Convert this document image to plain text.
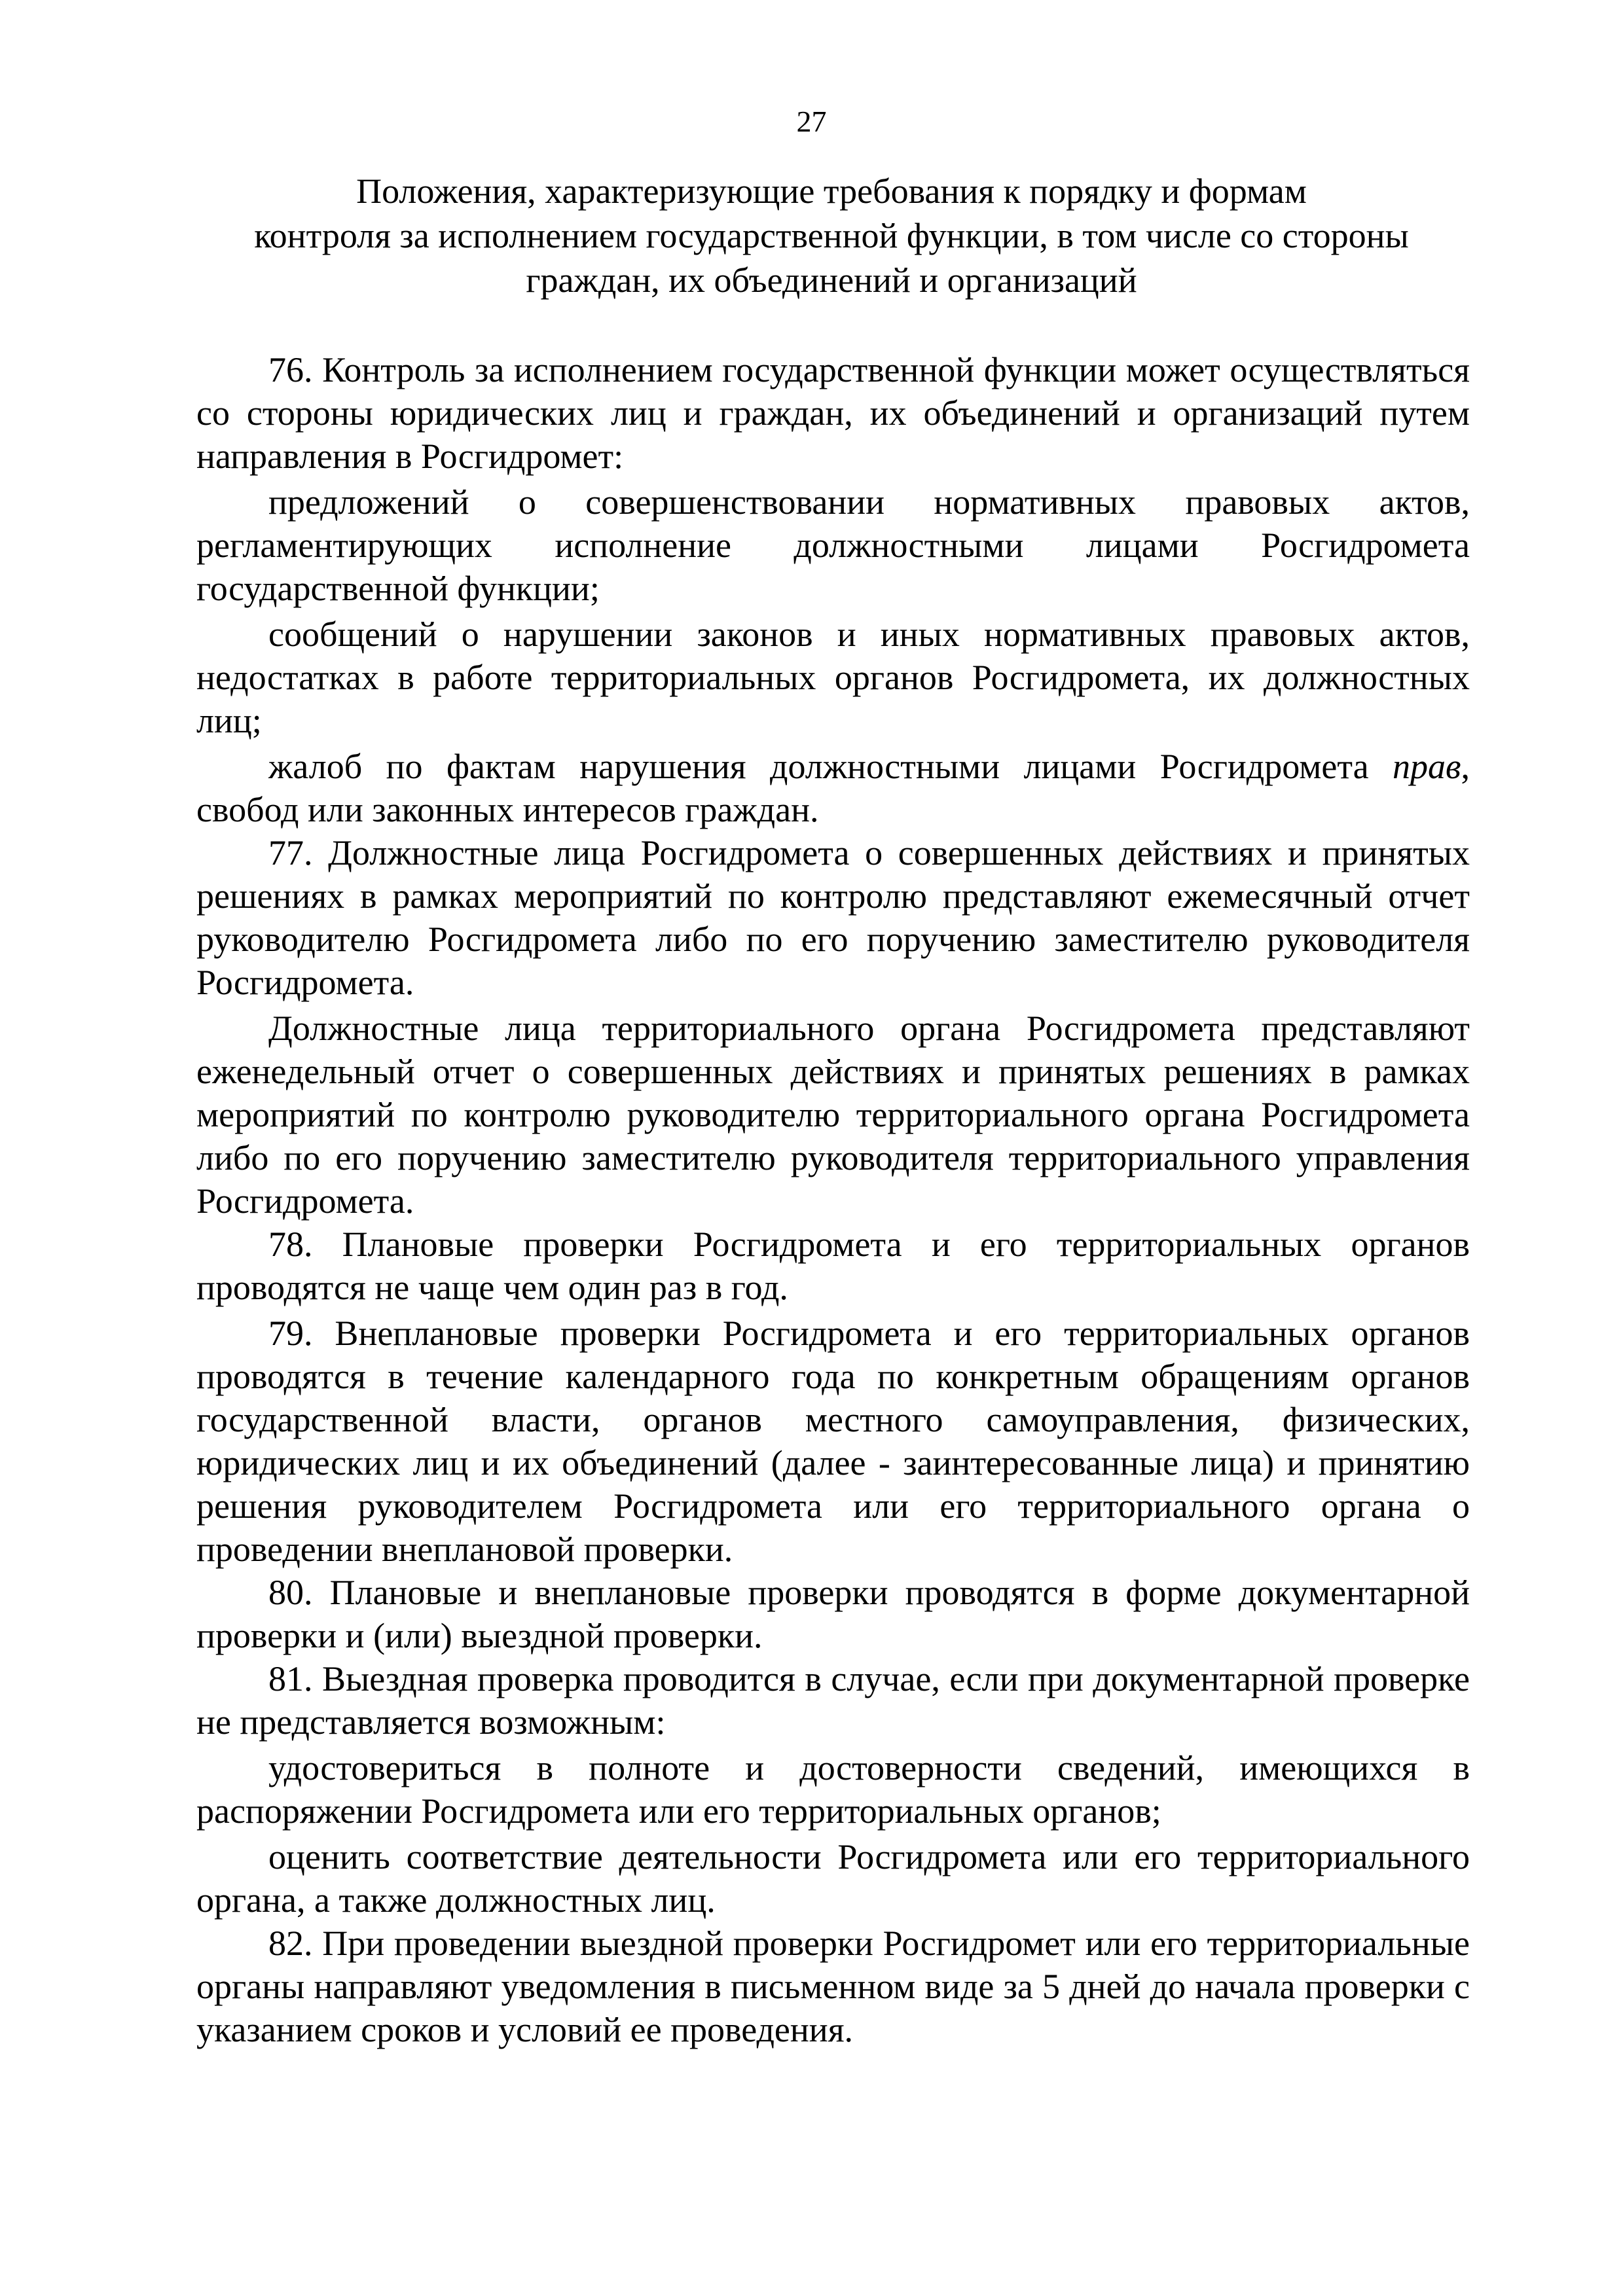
27
Положения, характеризующие требования к порядку и формам
контроля за исполнением государственной функции, в том числе со стороны
граждан, их объединений и организаций

76. Контроль за исполнением государственной функции может осуществляться со стороны юридических лиц и граждан, их объединений и организаций путем направления в Росгидромет:

предложений о совершенствовании нормативных правовых актов, регламентирующих исполнение должностными лицами Росгидромета государственной функции;

сообщений о нарушении законов и иных нормативных правовых актов, недостатках в работе территориальных органов Росгидромета, их должностных лиц;

жалоб по фактам нарушения должностными лицами Росгидромета прав, свобод или законных интересов граждан.

77. Должностные лица Росгидромета о совершенных действиях и принятых решениях в рамках мероприятий по контролю представляют ежемесячный отчет руководителю Росгидромета либо по его поручению заместителю руководителя Росгидромета.

Должностные лица территориального органа Росгидромета представляют еженедельный отчет о совершенных действиях и принятых решениях в рамках мероприятий по контролю руководителю территориального органа Росгидромета либо по его поручению заместителю руководителя территориального управления Росгидромета.

78. Плановые проверки Росгидромета и его территориальных органов проводятся не чаще чем один раз в год.

79. Внеплановые проверки Росгидромета и его территориальных органов проводятся в течение календарного года по конкретным обращениям органов государственной власти, органов местного самоуправления, физических, юридических лиц и их объединений (далее - заинтересованные лица) и принятию решения руководителем Росгидромета или его территориального органа о проведении внеплановой проверки.

80. Плановые и внеплановые проверки проводятся в форме документарной проверки и (или) выездной проверки.

81. Выездная проверка проводится в случае, если при документарной проверке не представляется возможным:

удостовериться в полноте и достоверности сведений, имеющихся в распоряжении Росгидромета или его территориальных органов;

оценить соответствие деятельности Росгидромета или его территориального органа, а также должностных лиц.

82. При проведении выездной проверки Росгидромет или его территориальные органы направляют уведомления в письменном виде за 5 дней до начала проверки с указанием сроков и условий ее проведения.
